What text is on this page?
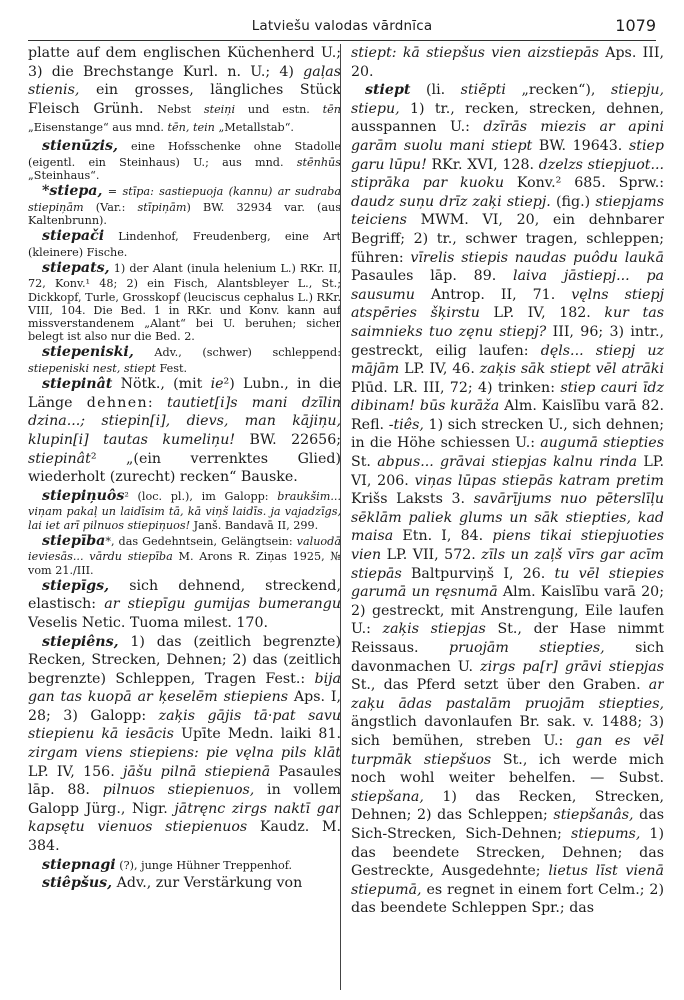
Latviešu valodas vārdnīca	1079

platte auf dem englischen Küchenherd U.; 3) die Brechstange Kurl. n. U.; 4) gaļas stienis, ein grosses, längliches Stück Fleisch Grünh. Nebst steiņi und estn. tēn „Eisenstange“ aus mnd. tēn, tein „Metallstab“.

stienūzis, eine Hofsschenke ohne Stadolle (eigentl. ein Steinhaus) U.; aus mnd. stēnhūs „Steinhaus“.

*stiepa, = stīpa: sastiepuoja (kannu) ar sudraba stiepiņām (Var.: stīpiņām) BW. 32934 var. (aus Kaltenbrunn).

stiepači Lindenhof, Freudenberg, eine Art (kleinere) Fische.

stiepats, 1) der Alant (inula helenium L.) RKr. II, 72, Konv.¹ 48; 2) ein Fisch, Alantsbleyer L., St.; Dickkopf, Turle, Grosskopf (leuciscus cephalus L.) RKr. VIII, 104. Die Bed. 1 in RKr. und Konv. kann auf missverstandenem „Alant“ bei U. beruhen; sicher belegt ist also nur die Bed. 2.

stiepeniski, Adv., (schwer) schleppend: stiepeniski nest, stiept Fest.

stiepinât Nötk., (mit ie²) Lubn., in die Länge dehnen: tautiet[i]s mani dzīlin dzina...; stiepin[i], dievs, man kājiņu, klupin[i] tautas kumeliņu! BW. 22656; stiepinât² „(ein verrenktes Glied) wiederholt (zurecht) recken“ Bauske.

stiepiņuôs² (loc. pl.), im Galopp: braukšim... viņam pakaļ un laidīsim tā, kā viņš laidīs. ja vajadzīgs, lai iet arī pilnuos stiepiņuos! Janš. Bandavā II, 299.

stiepība*, das Gedehntsein, Gelängtsein: valuodā ieviesās... vārdu stiepība M. Arons R. Ziņas 1925, № vom 21./III.

stiepīgs, sich dehnend, streckend, elastisch: ar stiepīgu gumijas bumerangu Veselis Netic. Tuoma milest. 170.

stiepiêns, 1) das (zeitlich begrenzte) Recken, Strecken, Dehnen; 2) das (zeitlich begrenzte) Schleppen, Tragen Fest.: bija gan tas kuopā ar ķeselēm stiepiens Aps. I, 28; 3) Galopp: zaķis gājis tā·pat savu stiepienu kā iesācis Upīte Medn. laiki 81. zirgam viens stiepiens: pie vęlna pils klāt LP. IV, 156. jāšu pilnā stiepienā Pasaules lāp. 88. pilnuos stiepienuos, in vollem Galopp Jürg., Nigr. jātręnc zirgs naktī gar kapsętu vienuos stiepienuos Kaudz. M. 384.

stiepnagi (?), junge Hühner Treppenhof.

stiêpšus, Adv., zur Verstärkung von

stiept: kā stiepšus vien aizstiepās Aps. III, 20.

stiept (li. stiẽpti „recken“), stiepju, stiepu, 1) tr., recken, strecken, dehnen, ausspannen U.: dzīrās miezis ar apini garām suolu mani stiept BW. 19643. stiep garu lūpu! RKr. XVI, 128. dzelzs stiepjuot... stiprāka par kuoku Konv.² 685. Sprw.: daudz suņu drīz zaķi stiepj. (fig.) stiepjams teiciens MWM. VI, 20, ein dehnbarer Begriff; 2) tr., schwer tragen, schleppen; führen: vīrelis stiepis naudas puôdu laukā Pasaules lāp. 89. laiva jāstiepj... pa sausumu Antrop. II, 71. vęlns stiepj atspēries šķirstu LP. IV, 182. kur tas saimnieks tuo zęnu stiepj? III, 96; 3) intr., gestreckt, eilig laufen: dęls... stiepj uz mājām LP. IV, 46. zaķis sāk stiept vēl atrāki Plūd. LR. III, 72; 4) trinken: stiep cauri īdz dibinam! būs kurāža Alm. Kaislību varā 82. Refl. -tiês, 1) sich strecken U., sich dehnen; in die Höhe schiessen U.: augumā stiepties St. abpus... grāvai stiepjas kalnu rinda LP. VI, 206. viņas lūpas stiepās katram pretim Krišs Laksts 3. savārījums nuo pēterslīļu sēklām paliek glums un sāk stiepties, kad maisa Etn. I, 84. piens tikai stiepjuoties vien LP. VII, 572. zīls un zaļš vīrs gar acīm stiepās Baltpurviņš I, 26. tu vēl stiepies garumā un ręsnumā Alm. Kaislību varā 20; 2) gestreckt, mit Anstrengung, Eile laufen U.: zaķis stiepjas St., der Hase nimmt Reissaus. pruojām stiepties, sich davonmachen U. zirgs pa[r] grāvi stiepjas St., das Pferd setzt über den Graben. ar zaķu ādas pastalām pruojām stiepties, ängstlich davonlaufen Br. sak. v. 1488; 3) sich bemühen, streben U.: gan es vēl turpmāk stiepšuos St., ich werde mich noch wohl weiter behelfen. — Subst. stiepšana, 1) das Recken, Strecken, Dehnen; 2) das Schleppen; stiepšanâs, das Sich-Strecken, Sich-Dehnen; stiepums, 1) das beendete Strecken, Dehnen; das Gestreckte, Ausgedehnte; lietus līst vienā stiepumā, es regnet in einem fort Celm.; 2) das beendete Schleppen Spr.; das
